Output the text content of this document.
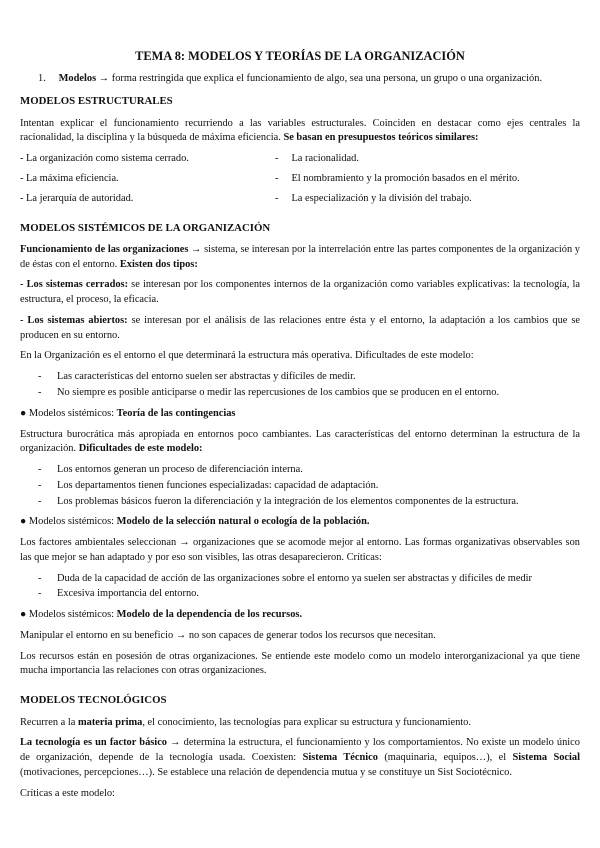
TEMA 8: MODELOS Y TEORÍAS DE LA ORGANIZACIÓN
1. Modelos → forma restringida que explica el funcionamiento de algo, sea una persona, un grupo o una organización.
MODELOS ESTRUCTURALES

Intentan explicar el funcionamiento recurriendo a las variables estructurales. Coinciden en destacar como ejes centrales la racionalidad, la disciplina y la búsqueda de máxima eficiencia. Se basan en presupuestos teóricos similares:

- La organización como sistema cerrado.	-     La racionalidad.
- La máxima eficiencia.	-     El nombramiento y la promoción basados en el mérito.
- La jerarquía de autoridad.	-     La especialización y la división del trabajo.
MODELOS SISTÉMICOS DE LA ORGANIZACIÓN

Funcionamiento de las organizaciones → sistema, se interesan por la interrelación entre las partes componentes de la organización y de éstas con el entorno. Existen dos tipos:

- Los sistemas cerrados: se interesan por los componentes internos de la organización como variables explicativas: la tecnología, la estructura, el proceso, la eficacia.

- Los sistemas abiertos: se interesan por el análisis de las relaciones entre ésta y el entorno, la adaptación a los cambios que se producen en su entorno.

En la Organización es el entorno el que determinará la estructura más operativa. Dificultades de este modelo:

- Las características del entorno suelen ser abstractas y difíciles de medir.
- No siempre es posible anticiparse o medir las repercusiones de los cambios que se producen en el entorno.
● Modelos sistémicos: Teoría de las contingencias

Estructura burocrática más apropiada en entornos poco cambiantes. Las características del entorno determinan la estructura de la organización. Dificultades de este modelo:

- Los entornos generan un proceso de diferenciación interna.
- Los departamentos tienen funciones especializadas: capacidad de adaptación.
- Los problemas básicos fueron la diferenciación y la integración de los elementos componentes de la estructura.
● Modelos sistémicos: Modelo de la selección natural o ecología de la población.

Los factores ambientales seleccionan → organizaciones que se acomode mejor al entorno. Las formas organizativas observables son las que mejor se han adaptado y por eso son visibles, las otras desaparecieron. Críticas:

- Duda de la capacidad de acción de las organizaciones sobre el entorno ya suelen ser abstractas y difíciles de medir
- Excesiva importancia del entorno.
● Modelos sistémicos: Modelo de la dependencia de los recursos.

Manipular el entorno en su beneficio → no son capaces de generar todos los recursos que necesitan.

Los recursos están en posesión de otras organizaciones. Se entiende este modelo como un modelo interorganizacional ya que tiene mucha importancia las relaciones con otras organizaciones.

MODELOS TECNOLÓGICOS

Recurren a la materia prima, el conocimiento, las tecnologías para explicar su estructura y funcionamiento.

La tecnología es un factor básico → determina la estructura, el funcionamiento y los comportamientos. No existe un modelo único de organización, depende de la tecnología usada. Coexisten: Sistema Técnico (maquinaria, equipos…), el Sistema Social (motivaciones, percepciones…). Se establece una relación de dependencia mutua y se constituye un Sist Sociotécnico.

Críticas a este modelo:
